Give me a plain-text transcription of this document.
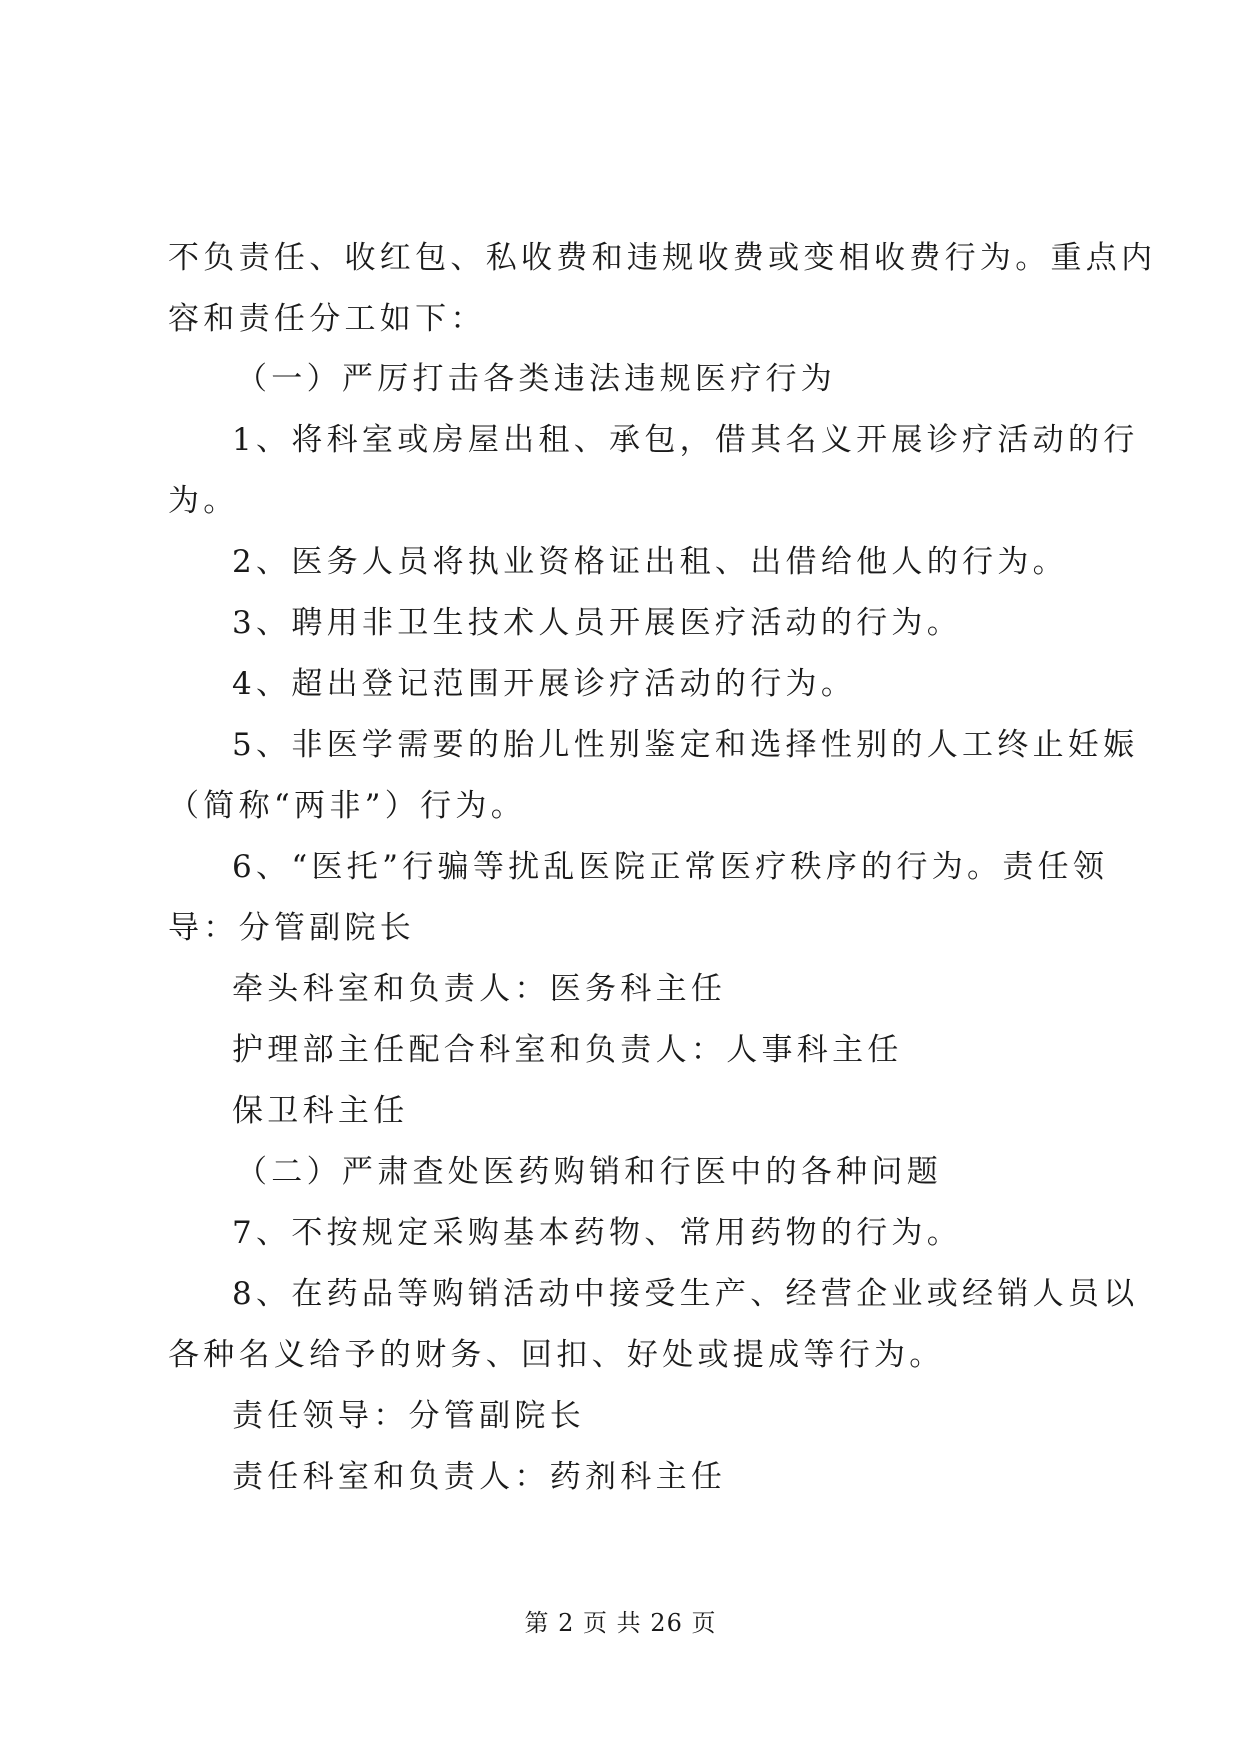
不负责任、收红包、私收费和违规收费或变相收费行为。重点内
容和责任分工如下：
（一）严厉打击各类违法违规医疗行为
1、将科室或房屋出租、承包，借其名义开展诊疗活动的行
为。
2、医务人员将执业资格证出租、出借给他人的行为。
3、聘用非卫生技术人员开展医疗活动的行为。
4、超出登记范围开展诊疗活动的行为。
5、非医学需要的胎儿性别鉴定和选择性别的人工终止妊娠
（简称“两非”）行为。
6、“医托”行骗等扰乱医院正常医疗秩序的行为。责任领
导：分管副院长
牵头科室和负责人：医务科主任
护理部主任配合科室和负责人：人事科主任
保卫科主任
（二）严肃查处医药购销和行医中的各种问题
7、不按规定采购基本药物、常用药物的行为。
8、在药品等购销活动中接受生产、经营企业或经销人员以
各种名义给予的财务、回扣、好处或提成等行为。
责任领导：分管副院长
责任科室和负责人：药剂科主任
第 2 页 共 26 页
